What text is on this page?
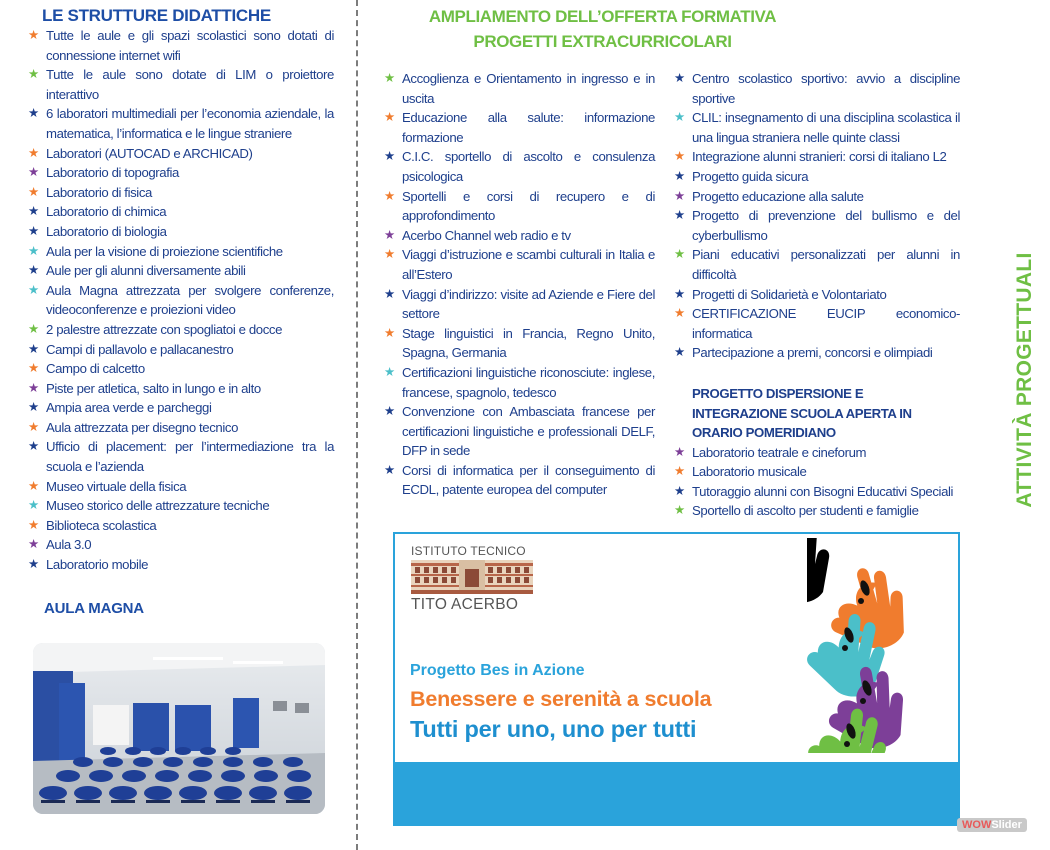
LE STRUTTURE DIDATTICHE
★ Tutte le aule e gli spazi scolastici sono dotati di connessione internet wifi
★ Tutte le aule sono dotate di LIM o proiettore interattivo
★ 6 laboratori multimediali per l’economia aziendale, la matematica, l’informatica e le lingue straniere
★ Laboratori (AUTOCAD e ARCHICAD)
★ Laboratorio di topografia
★ Laboratorio di fisica
★ Laboratorio di chimica
★ Laboratorio di biologia
★ Aula per la visione di proiezione scientifiche
★ Aule per gli alunni diversamente abili
★ Aula Magna attrezzata per svolgere conferenze, videoconferenze e proiezioni video
★ 2 palestre attrezzate con spogliatoi e docce
★ Campi di pallavolo e pallacanestro
★ Campo di calcetto
★ Piste per atletica, salto in lungo e in alto
★ Ampia area verde e parcheggi
★ Aula attrezzata per disegno tecnico
★ Ufficio di placement: per l’intermediazione tra la scuola e l’azienda
★ Museo virtuale della fisica
★ Museo storico delle attrezzature tecniche
★ Biblioteca scolastica
★ Aula 3.0
★ Laboratorio mobile
AULA MAGNA
AMPLIAMENTO DELL’OFFERTA FORMATIVA
PROGETTI EXTRACURRICOLARI
★ Accoglienza e Orientamento in ingresso e in uscita
★ Educazione alla salute: informazione formazione
★ C.I.C. sportello di ascolto e consulenza psicologica
★ Sportelli e corsi di recupero e di approfondimento
★ Acerbo Channel web radio e tv
★ Viaggi d’istruzione e scambi culturali in Italia e all’Estero
★ Viaggi d’indirizzo: visite ad Aziende e Fiere del settore
★ Stage linguistici in Francia, Regno Unito, Spagna, Germania
★ Certificazioni linguistiche riconosciute: inglese, francese, spagnolo, tedesco
★ Convenzione con Ambasciata francese per certificazioni linguistiche e professionali DELF, DFP in sede
★ Corsi di informatica per il conseguimento di ECDL, patente europea del computer
★ Centro scolastico sportivo: avvio a discipline sportive
★ CLIL: insegnamento di una disciplina scolastica il una lingua straniera nelle quinte classi
★ Integrazione alunni stranieri: corsi di italiano L2
★ Progetto guida sicura
★ Progetto educazione alla salute
★ Progetto di prevenzione del bullismo e del cyberbullismo
★ Piani educativi personalizzati per alunni in difficoltà
★ Progetti di Solidarietà e Volontariato
★ CERTIFICAZIONE EUCIP economico-informatica
★ Partecipazione a premi, concorsi e olimpiadi
PROGETTO DISPERSIONE E INTEGRAZIONE SCUOLA APERTA IN ORARIO POMERIDIANO
★ Laboratorio teatrale e cineforum
★ Laboratorio musicale
★ Tutoraggio alunni con Bisogni Educativi Speciali
★ Sportello di ascolto per studenti e famiglie
ATTIVITÀ PROGETTUALI
ISTITUTO TECNICO
TITO ACERBO
Progetto Bes in Azione
Benessere e serenità a scuola
Tutti per uno, uno per tutti
WOWSlider
